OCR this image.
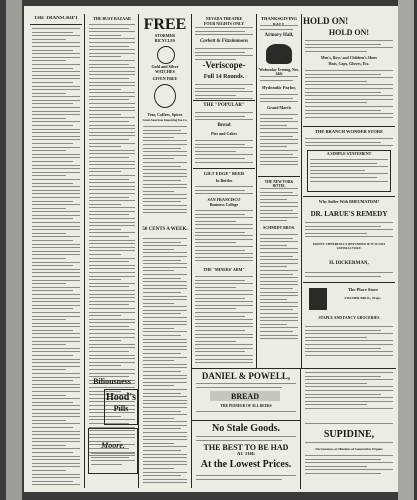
THE TRANSCRIPT	THE BUSY BAZAAR
Biliousness
Hood's
Pills
Moore.
FREE
STORMER
BICYCLES
Gold and Silver
WATCHES
GIVEN FREE
Teas, Coffees, Spices
Great American Importing Tea Co.
50 CENTS A WEEK.
NEVADA THEATRE
FOUR NIGHTS ONLY
Corbett & Fitzsimmons
-Veriscope-
Full 14 Rounds.
THE "POPULAR"
Bread
Pies and Cakes
GILT EDGE" BEER
In Bottles
SAN FRANCISCO
Business College
THE "MINERS' ARM"
THANKSGIVING
Armory Hall,
Wednesday Evening, Nov. 24th
Hydraulic Parlor,
Grand March
THE NEW YORK HOTEL
SCHMIDT BROS.
HOLD ON!
HOLD ON!
Men's, Boys' and Children's Shoes
Hats, Caps, Gloves, Etc.
THE BRANCH WONDER STORE
A SIMPLE STATEMENT
Why Suffer With RHEUMATISM?
DR. LARUE'S REMEDY
MONEY CHEERFULLY REFUNDED IF IT IS NOT SATISFACTORY.
H. DICKERMAN,
The Place Store
FISCHER BROS., Props.
STAPLE AND FANCY GROCERIES
DANIEL & POWELL,
BREAD
THE PIONEER OF ALL BEERS
No Stale Goods.
THE BEST TO BE HAD
AT THE
At the Lowest Prices.
SUPIDINE,
Nervousness or Illusions of Generative Organs
